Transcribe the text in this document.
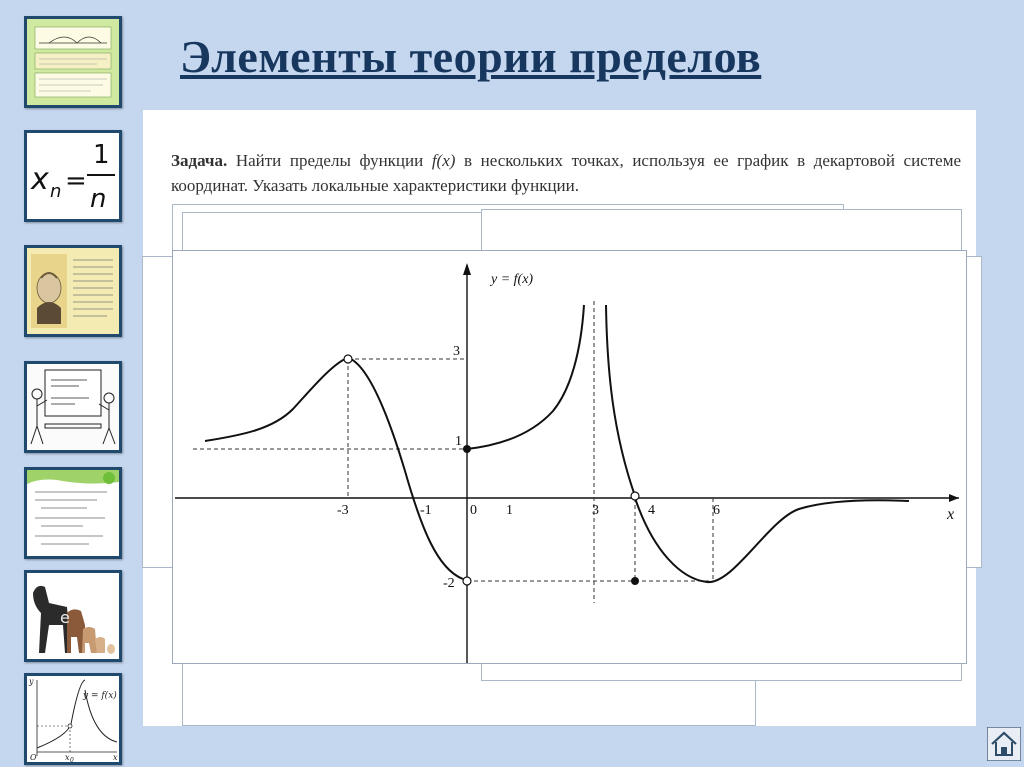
Элементы теории пределов
x n =
1
n
e
y = f(x)
y
x
O	x 0
Задача. Найти пределы функции f(x) в нескольких точках, используя ее график в декартовой системе координат. Указать локальные характеристики функции.
y = f(x)
x
-3	-1	0 1	3	4	6
3
1
-2
